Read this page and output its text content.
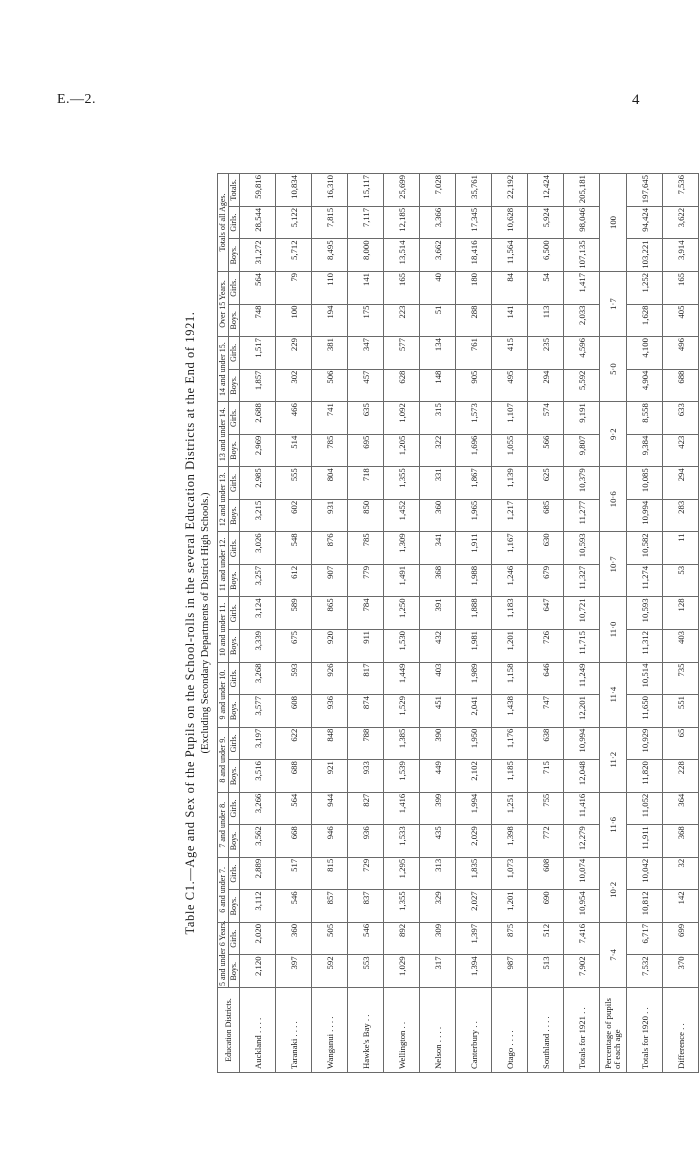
E.—2.	4
Table C1.—Age and Sex of the Pupils on the School-rolls in the several Education Districts at the End of 1921. (Excluding Secondary Departments of District High Schools.)
Education Districts.	5 and under 6 Years.		6 and under 7.		7 and under 8.		8 and under 9.		9 and under 10.		10 and under 11.		11 and under 12.		12 and under 13.		13 and under 14.		14 and under 15.		Over 15 Years.		Totals of all Ages.		
	Boys.	Girls.	Boys.	Girls.	Boys.	Girls.	Boys.	Girls.	Boys.	Girls.	Boys.	Girls.	Boys.	Girls.	Boys.	Girls.	Boys.	Girls.	Boys.	Girls.	Boys.	Girls.	Boys.	Girls.	Totals.
Auckland . . . .	2,120	2,020	3,112	2,889	3,562	3,266	3,516	3,197	3,577	3,268	3,339	3,124	3,257	3,026	3,215	2,985	2,969	2,688	1,857	1,517	748	564	31,272	28,544	59,816
Taranaki . . . .	397	360	546	517	668	564	688	622	608	593	675	589	612	548	602	555	514	466	302	229	100	79	5,712	5,122	10,834
Wanganui . . . .	592	505	857	815	946	944	921	848	936	926	920	865	907	876	931	804	785	741	506	381	194	110	8,495	7,815	16,310
Hawke's Bay . .	553	546	837	729	936	827	933	788	874	817	911	784	779	785	850	718	695	635	457	347	175	141	8,000	7,117	15,117
Wellington . .	1,029	892	1,355	1,295	1,533	1,416	1,539	1,385	1,529	1,449	1,530	1,250	1,491	1,309	1,452	1,355	1,205	1,092	628	577	223	165	13,514	12,185	25,699
Nelson . . . .	317	309	329	313	435	399	449	390	451	403	432	391	368	341	360	331	322	315	148	134	51	40	3,662	3,366	7,028
Canterbury . .	1,394	1,397	2,027	1,835	2,029	1,994	2,102	1,950	2,041	1,989	1,981	1,888	1,988	1,911	1,965	1,867	1,696	1,573	905	761	288	180	18,416	17,345	35,761
Otago . . . .	987	875	1,201	1,073	1,398	1,251	1,185	1,176	1,438	1,158	1,201	1,183	1,246	1,167	1,217	1,139	1,055	1,107	495	415	141	84	11,564	10,628	22,192
Southland . . . .	513	512	690	608	772	755	715	638	747	646	726	647	679	630	685	625	566	574	294	235	113	54	6,500	5,924	12,424
Totals for 1921 . .	7,902	7,416	10,954	10,074	12,279	11,416	12,048	10,994	12,201	11,249	11,715	10,721	11,327	10,593	11,277	10,379	9,807	9,191	5,592	4,596	2,033	1,417	107,135	98,046	205,181
Percentage of pupils of each age	7·4		10·2		11·6		11·2		11·4		11·0		10·7		10·6		9·2		5·0		1·7		100		
Totals for 1920 . .	7,532	6,717	10,812	10,042	11,911	11,052	11,820	10,929	11,650	10,514	11,312	10,593	11,274	10,582	10,994	10,085	9,384	8,558	4,904	4,100	1,628	1,252	103,221	94,424	197,645
Difference . .	370	699	142	32	368	364	228	65	551	735	403	128	53	11	283	294	423	633	688	496	405	165	3,914	3,622	7,536
